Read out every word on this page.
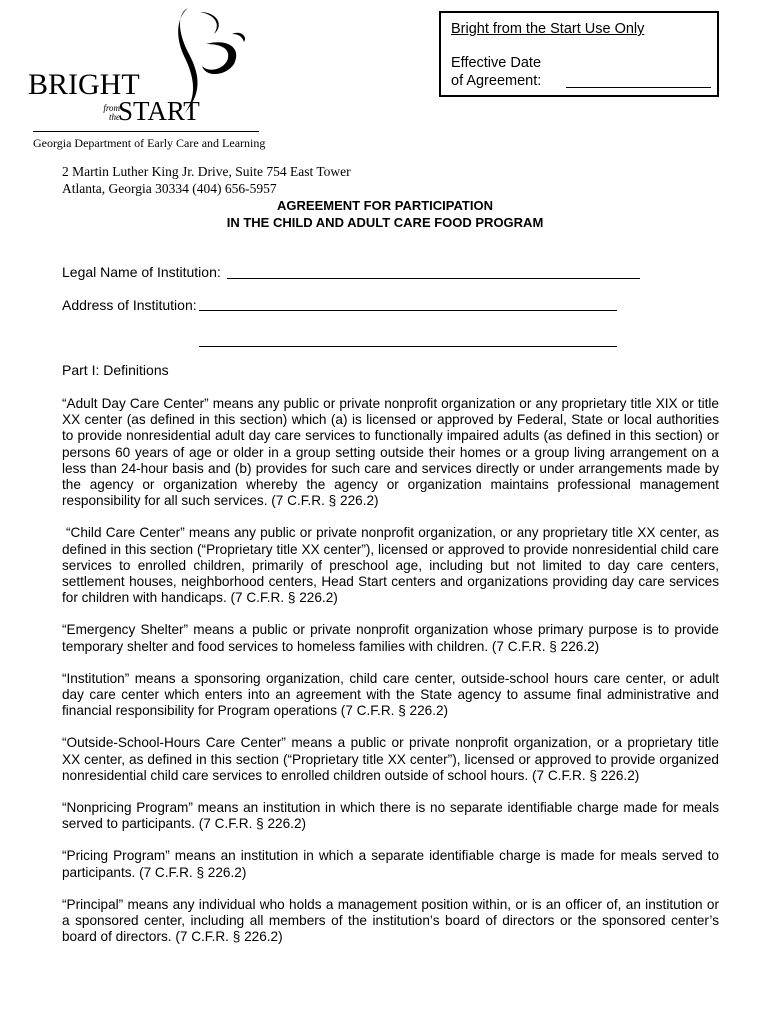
BRIGHT
from
the
START
Georgia Department of Early Care and Learning
Bright from the Start Use Only
Effective Date
of Agreement:
2 Martin Luther King Jr. Drive, Suite 754 East Tower
Atlanta, Georgia 30334 (404) 656-5957
AGREEMENT FOR PARTICIPATION
IN THE CHILD AND ADULT CARE FOOD PROGRAM
Legal Name of Institution:
Address of Institution:
Part I: Definitions

“Adult Day Care Center” means any public or private nonprofit organization or any proprietary title XIX or title XX center (as defined in this section) which (a) is licensed or approved by Federal, State or local authorities to provide nonresidential adult day care services to functionally impaired adults (as defined in this section) or persons 60 years of age or older in a group setting outside their homes or a group living arrangement on a less than 24-hour basis and (b) provides for such care and services directly or under arrangements made by the agency or organization whereby the agency or organization maintains professional management responsibility for all such services. (7 C.F.R. § 226.2)

“Child Care Center” means any public or private nonprofit organization, or any proprietary title XX center, as defined in this section (“Proprietary title XX center”), licensed or approved to provide nonresidential child care services to enrolled children, primarily of preschool age, including but not limited to day care centers, settlement houses, neighborhood centers, Head Start centers and organizations providing day care services for children with handicaps. (7 C.F.R. § 226.2)

“Emergency Shelter” means a public or private nonprofit organization whose primary purpose is to provide temporary shelter and food services to homeless families with children. (7 C.F.R. § 226.2)

“Institution” means a sponsoring organization, child care center, outside-school hours care center, or adult day care center which enters into an agreement with the State agency to assume final administrative and financial responsibility for Program operations (7 C.F.R. § 226.2)

“Outside-School-Hours Care Center” means a public or private nonprofit organization, or a proprietary title XX center, as defined in this section (“Proprietary title XX center”), licensed or approved to provide organized nonresidential child care services to enrolled children outside of school hours. (7 C.F.R. § 226.2)

“Nonpricing Program” means an institution in which there is no separate identifiable charge made for meals served to participants. (7 C.F.R. § 226.2)

“Pricing Program” means an institution in which a separate identifiable charge is made for meals served to participants. (7 C.F.R. § 226.2)

“Principal” means any individual who holds a management position within, or is an officer of, an institution or a sponsored center, including all members of the institution’s board of directors or the sponsored center’s board of directors. (7 C.F.R. § 226.2)
